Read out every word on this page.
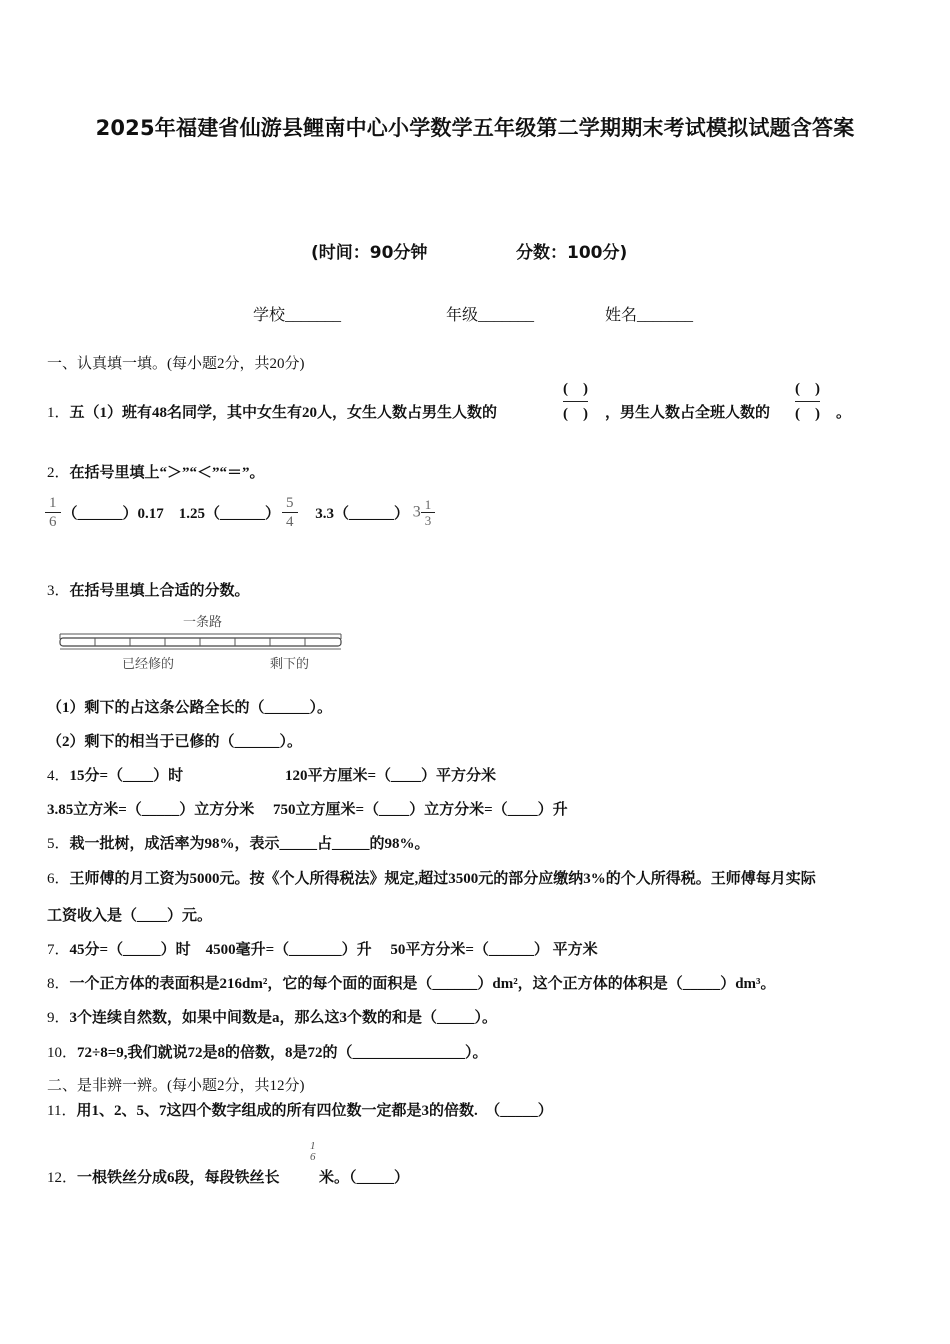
2025年福建省仙游县鲤南中心小学数学五年级第二学期期末考试模拟试题含答案
(时间：90分钟	分数：100分)
学校_______	年级_______	姓名_______
一、认真填一填。(每小题2分，共20分)
1．五（1）班有48名同学，其中女生有20人，女生人数占男生人数的
(　)
(　) ，男生人数占全班人数的
(　)
(　) 。
2．在括号里填上“＞”“＜”“＝”。
$\frac{1}{6}$ （______）0.17　1.25（______） $\frac{5}{4}$ 3.3（______） $3 \frac{1}{3}$
3．在括号里填上合适的分数。
一条路
已经修的	剩下的
（1）剩下的占这条公路全长的（______）。
（2）剩下的相当于已修的（______）。
4．15分=（____）时	120平方厘米=（____）平方分米
3.85立方米=（_____）立方分米　 750立方厘米=（____）立方分米=（____）升
5．栽一批树，成活率为98%，表示_____占_____的98%。
6．王师傅的月工资为5000元。按《个人所得税法》规定,超过3500元的部分应缴纳3%的个人所得税。王师傅每月实际
工资收入是（____）元。
7．45分=（_____）时　4500毫升=（_______）升　 50平方分米=（______） 平方米
8．一个正方体的表面积是216dm²，它的每个面的面积是（______）dm²，这个正方体的体积是（_____）dm³。
9．3个连续自然数，如果中间数是a，那么这3个数的和是（_____）。
10．72÷8=9,我们就说72是8的倍数，8是72的（_______________）。
二、是非辨一辨。(每小题2分，共12分)
11．用1、2、5、7这四个数字组成的所有四位数一定都是3的倍数.　（_____）
12．一根铁丝分成6段，每段铁丝长
1
6
米。（_____）
